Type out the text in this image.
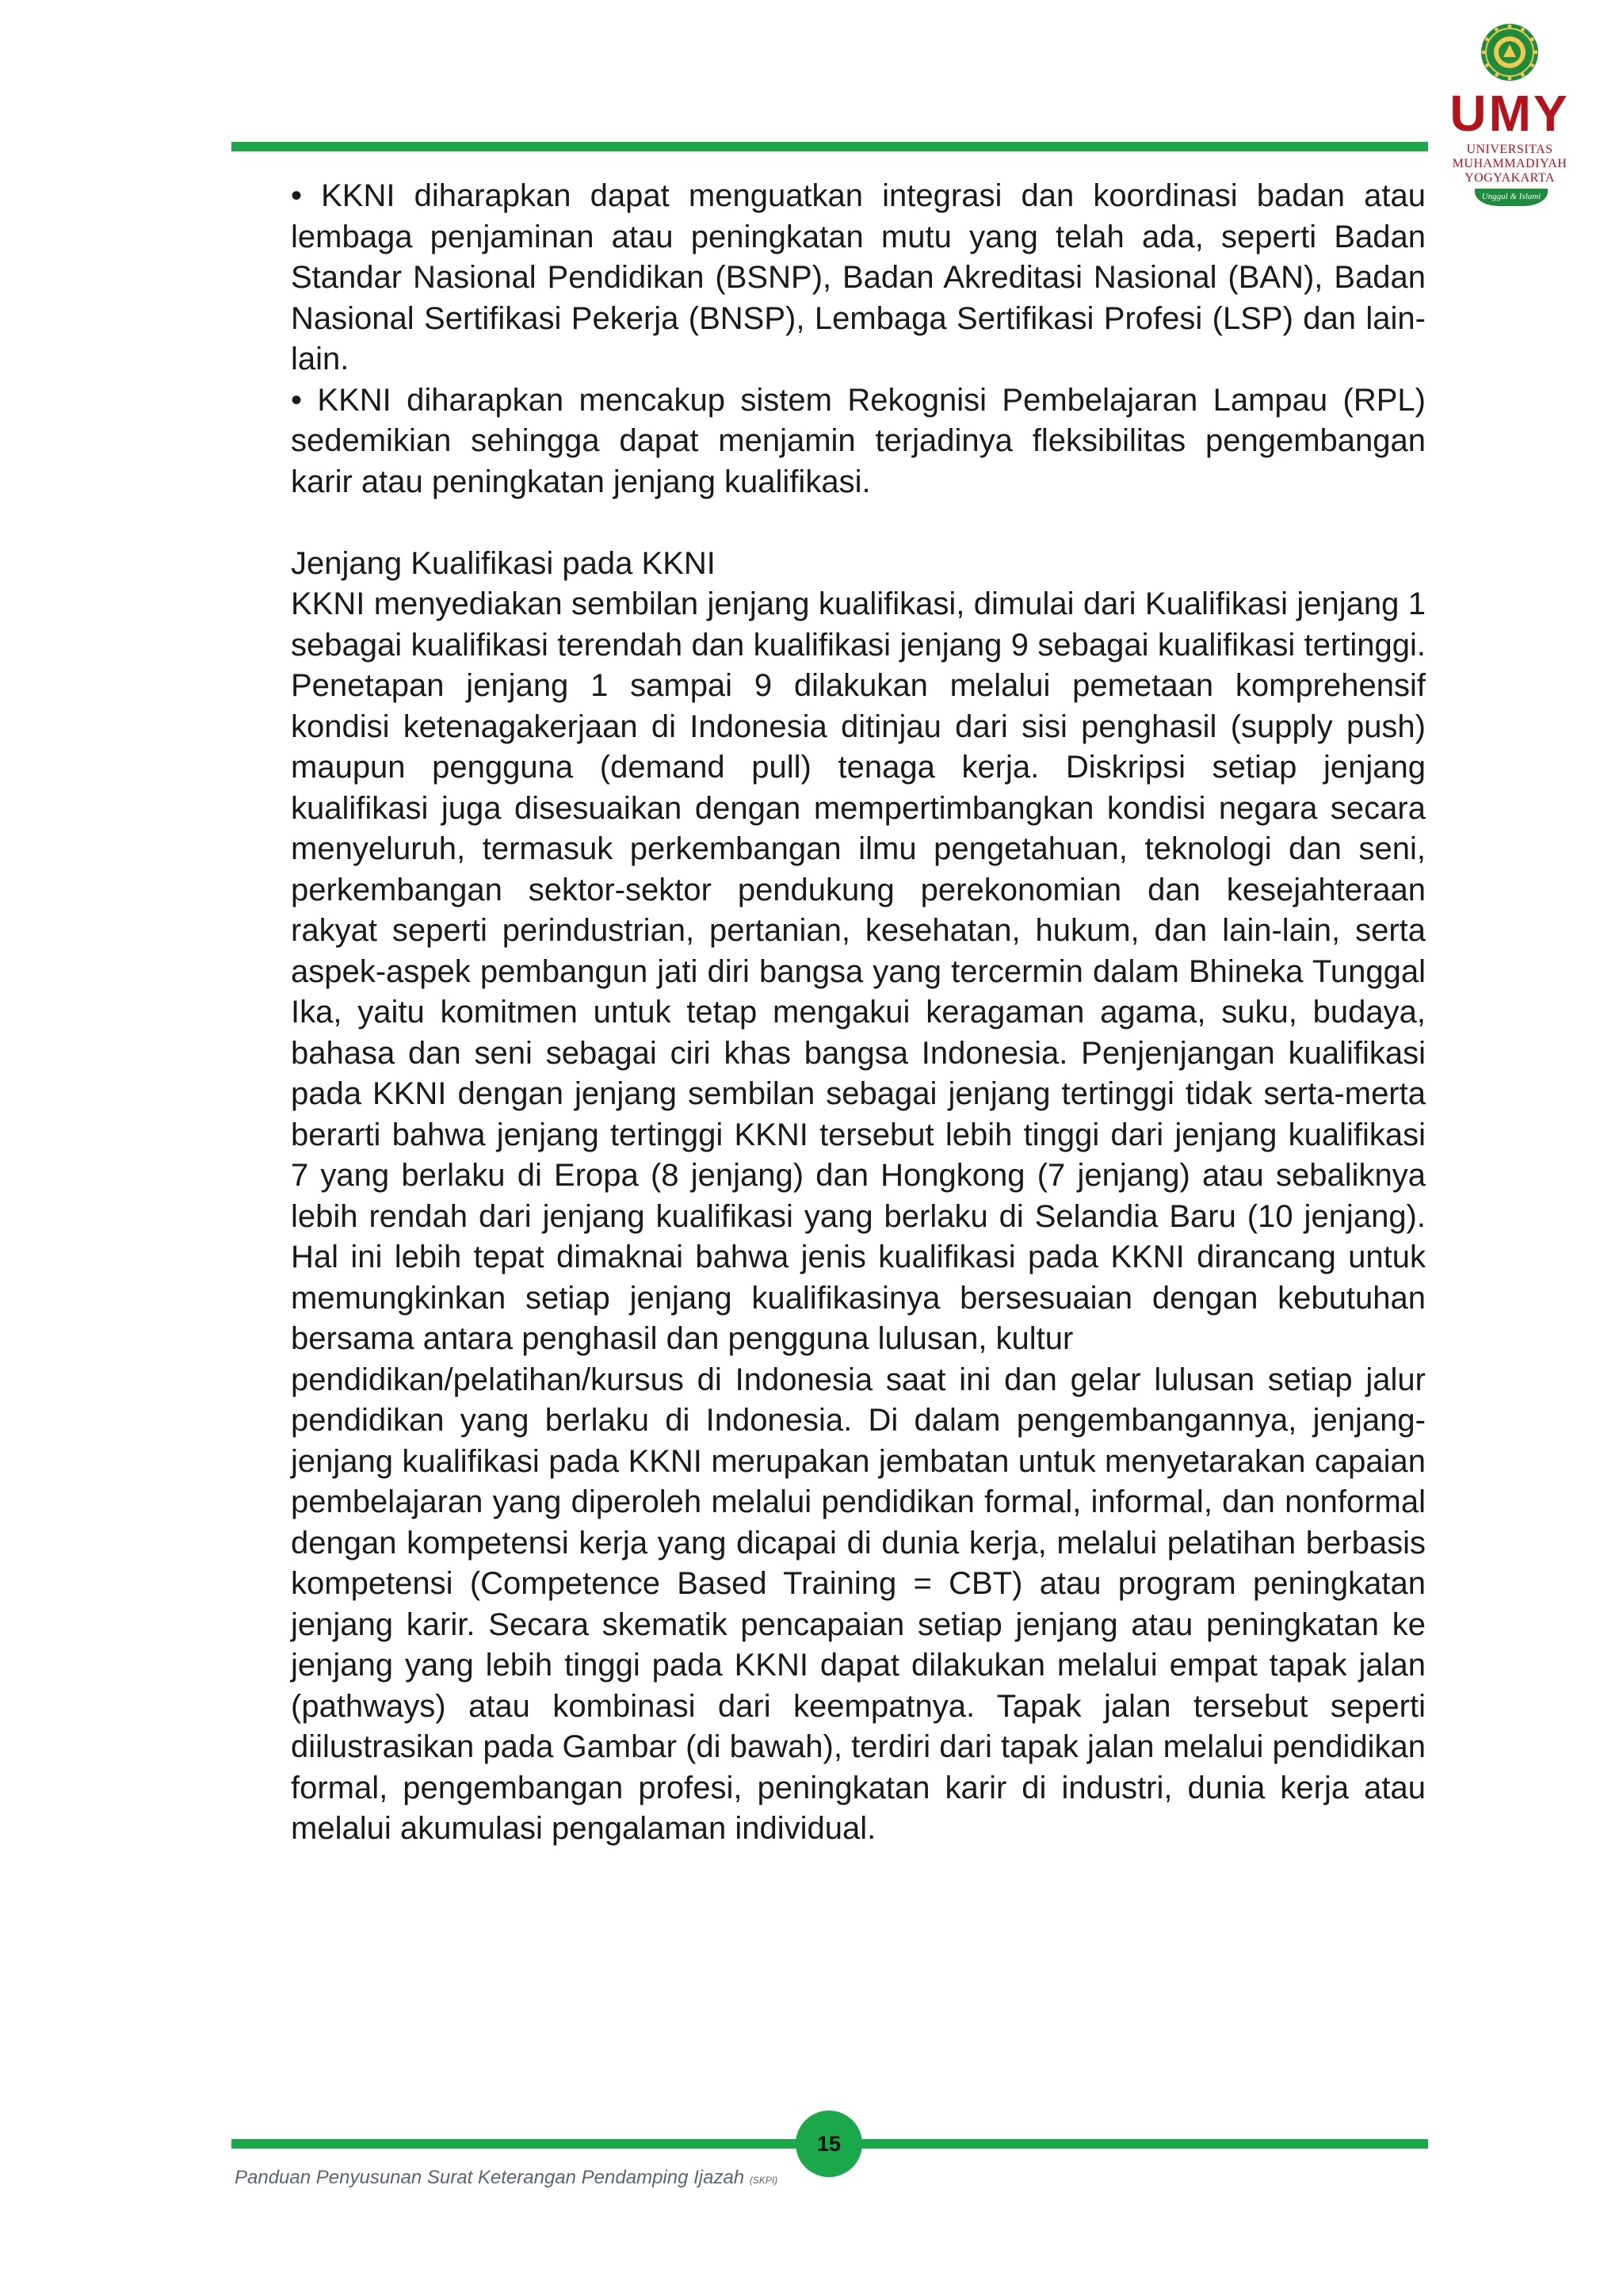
UMY
UNIVERSITAS
MUHAMMADIYAH
YOGYAKARTA
Unggul & Islami

• KKNI diharapkan dapat menguatkan integrasi dan koordinasi badan atau lembaga penjaminan atau peningkatan mutu yang telah ada, seperti Badan Standar Nasional Pendidikan (BSNP), Badan Akreditasi Nasional (BAN), Badan Nasional Sertifikasi Pekerja (BNSP), Lembaga Sertifikasi Profesi (LSP) dan lain-lain.

• KKNI diharapkan mencakup sistem Rekognisi Pembelajaran Lampau (RPL) sedemikian sehingga dapat menjamin terjadinya fleksibilitas pengembangan karir atau peningkatan jenjang kualifikasi.

Jenjang Kualifikasi pada KKNI

KKNI menyediakan sembilan jenjang kualifikasi, dimulai dari Kualifikasi jenjang 1 sebagai kualifikasi terendah dan kualifikasi jenjang 9 sebagai kualifikasi tertinggi. Penetapan jenjang 1 sampai 9 dilakukan melalui pemetaan komprehensif kondisi ketenagakerjaan di Indonesia ditinjau dari sisi penghasil (supply push) maupun pengguna (demand pull) tenaga kerja. Diskripsi setiap jenjang kualifikasi juga disesuaikan dengan mempertimbangkan kondisi negara secara menyeluruh, termasuk perkembangan ilmu pengetahuan, teknologi dan seni, perkembangan sektor-sektor pendukung perekonomian dan kesejahteraan rakyat seperti perindustrian, pertanian, kesehatan, hukum, dan lain-lain, serta aspek-aspek pembangun jati diri bangsa yang tercermin dalam Bhineka Tunggal Ika, yaitu komitmen untuk tetap mengakui keragaman agama, suku, budaya, bahasa dan seni sebagai ciri khas bangsa Indonesia. Penjenjangan kualifikasi pada KKNI dengan jenjang sembilan sebagai jenjang tertinggi tidak serta-merta berarti bahwa jenjang tertinggi KKNI tersebut lebih tinggi dari jenjang kualifikasi 7 yang berlaku di Eropa (8 jenjang) dan Hongkong (7 jenjang) atau sebaliknya lebih rendah dari jenjang kualifikasi yang berlaku di Selandia Baru (10 jenjang). Hal ini lebih tepat dimaknai bahwa jenis kualifikasi pada KKNI dirancang untuk memungkinkan setiap jenjang kualifikasinya bersesuaian dengan kebutuhan bersama antara penghasil dan pengguna lulusan, kultur

pendidikan/pelatihan/kursus di Indonesia saat ini dan gelar lulusan setiap jalur pendidikan yang berlaku di Indonesia. Di dalam pengembangannya, jenjang-jenjang kualifikasi pada KKNI merupakan jembatan untuk menyetarakan capaian pembelajaran yang diperoleh melalui pendidikan formal, informal, dan nonformal dengan kompetensi kerja yang dicapai di dunia kerja, melalui pelatihan berbasis kompetensi (Competence Based Training = CBT) atau program peningkatan jenjang karir. Secara skematik pencapaian setiap jenjang atau peningkatan ke jenjang yang lebih tinggi pada KKNI dapat dilakukan melalui empat tapak jalan (pathways) atau kombinasi dari keempatnya. Tapak jalan tersebut seperti diilustrasikan pada Gambar (di bawah), terdiri dari tapak jalan melalui pendidikan formal, pengembangan profesi, peningkatan karir di industri, dunia kerja atau melalui akumulasi pengalaman individual.

15
Panduan Penyusunan Surat Keterangan Pendamping Ijazah (SKPI)
